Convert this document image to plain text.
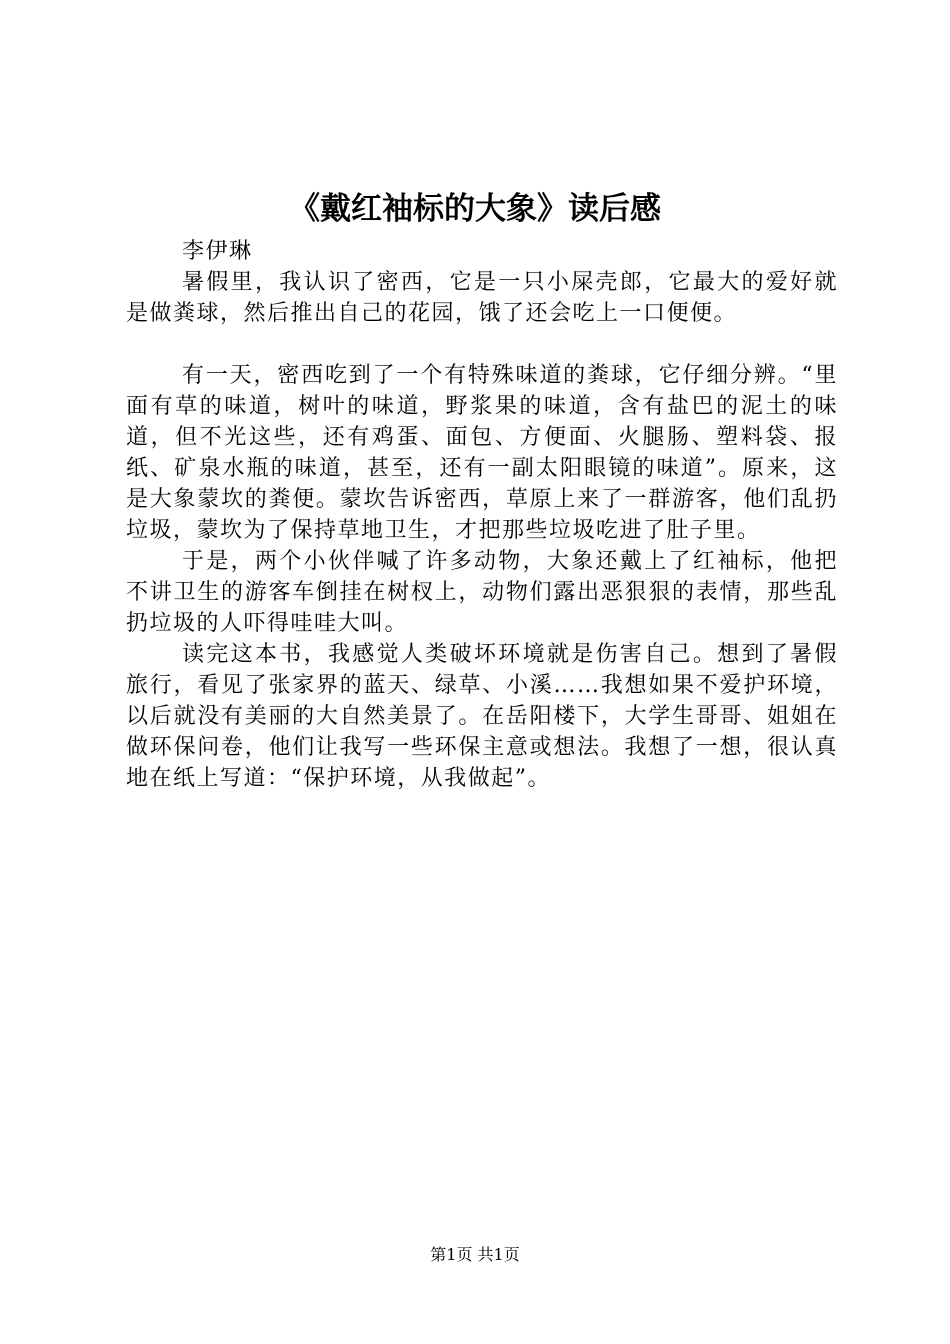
《戴红袖标的大象》读后感

李伊琳

暑假里，我认识了密西，它是一只小屎壳郎，它最大的爱好就是做粪球，然后推出自己的花园，饿了还会吃上一口便便。

有一天，密西吃到了一个有特殊味道的粪球，它仔细分辨。“里面有草的味道，树叶的味道，野浆果的味道，含有盐巴的泥土的味道，但不光这些，还有鸡蛋、面包、方便面、火腿肠、塑料袋、报纸、矿泉水瓶的味道，甚至，还有一副太阳眼镜的味道”。原来，这是大象蒙坎的粪便。蒙坎告诉密西，草原上来了一群游客，他们乱扔垃圾，蒙坎为了保持草地卫生，才把那些垃圾吃进了肚子里。

于是，两个小伙伴喊了许多动物，大象还戴上了红袖标，他把不讲卫生的游客车倒挂在树杈上，动物们露出恶狠狠的表情，那些乱扔垃圾的人吓得哇哇大叫。

读完这本书，我感觉人类破坏环境就是伤害自己。想到了暑假旅行，看见了张家界的蓝天、绿草、小溪……我想如果不爱护环境，以后就没有美丽的大自然美景了。在岳阳楼下，大学生哥哥、姐姐在做环保问卷，他们让我写一些环保主意或想法。我想了一想，很认真地在纸上写道：“保护环境，从我做起”。

第1页 共1页
